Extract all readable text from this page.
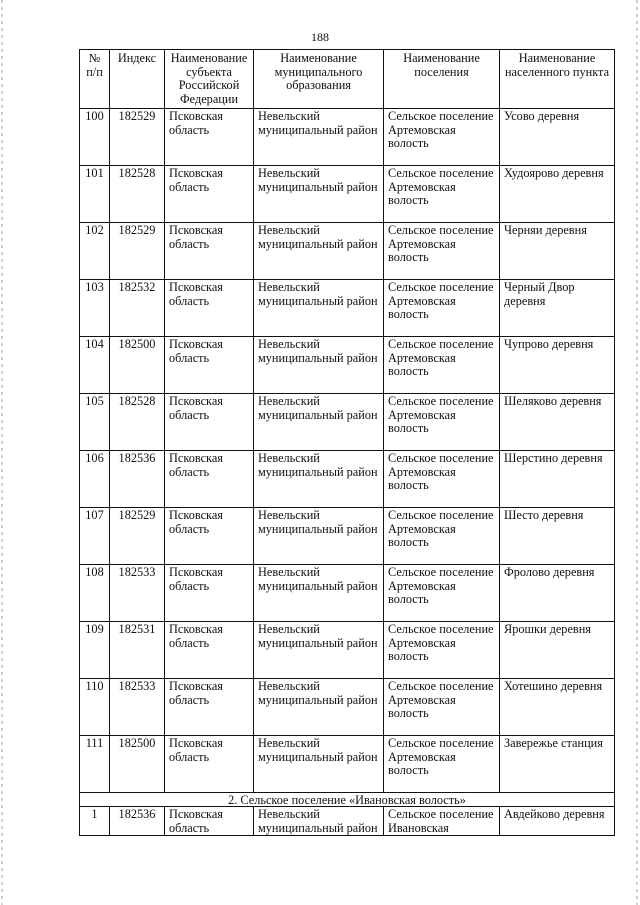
188
№ п/п	Индекс	Наименование субъекта Российской Федерации	Наименование муниципального образования	Наименование поселения	Наименование населенного пункта
100	182529	Псковская область	Невельский муниципальный район	Сельское поселение Артемовская волость	Усово деревня
101	182528	Псковская область	Невельский муниципальный район	Сельское поселение Артемовская волость	Худоярово деревня
102	182529	Псковская область	Невельский муниципальный район	Сельское поселение Артемовская волость	Черняи деревня
103	182532	Псковская область	Невельский муниципальный район	Сельское поселение Артемовская волость	Черный Двор деревня
104	182500	Псковская область	Невельский муниципальный район	Сельское поселение Артемовская волость	Чупрово деревня
105	182528	Псковская область	Невельский муниципальный район	Сельское поселение Артемовская волость	Шеляково деревня
106	182536	Псковская область	Невельский муниципальный район	Сельское поселение Артемовская волость	Шерстино деревня
107	182529	Псковская область	Невельский муниципальный район	Сельское поселение Артемовская волость	Шесто деревня
108	182533	Псковская область	Невельский муниципальный район	Сельское поселение Артемовская волость	Фролово деревня
109	182531	Псковская область	Невельский муниципальный район	Сельское поселение Артемовская волость	Ярошки деревня
110	182533	Псковская область	Невельский муниципальный район	Сельское поселение Артемовская волость	Хотешино деревня
111	182500	Псковская область	Невельский муниципальный район	Сельское поселение Артемовская волость	Завережье станция
2. Сельское поселение «Ивановская волость»					
1	182536	Псковская область	Невельский муниципальный район	Сельское поселение Ивановская	Авдейково деревня
